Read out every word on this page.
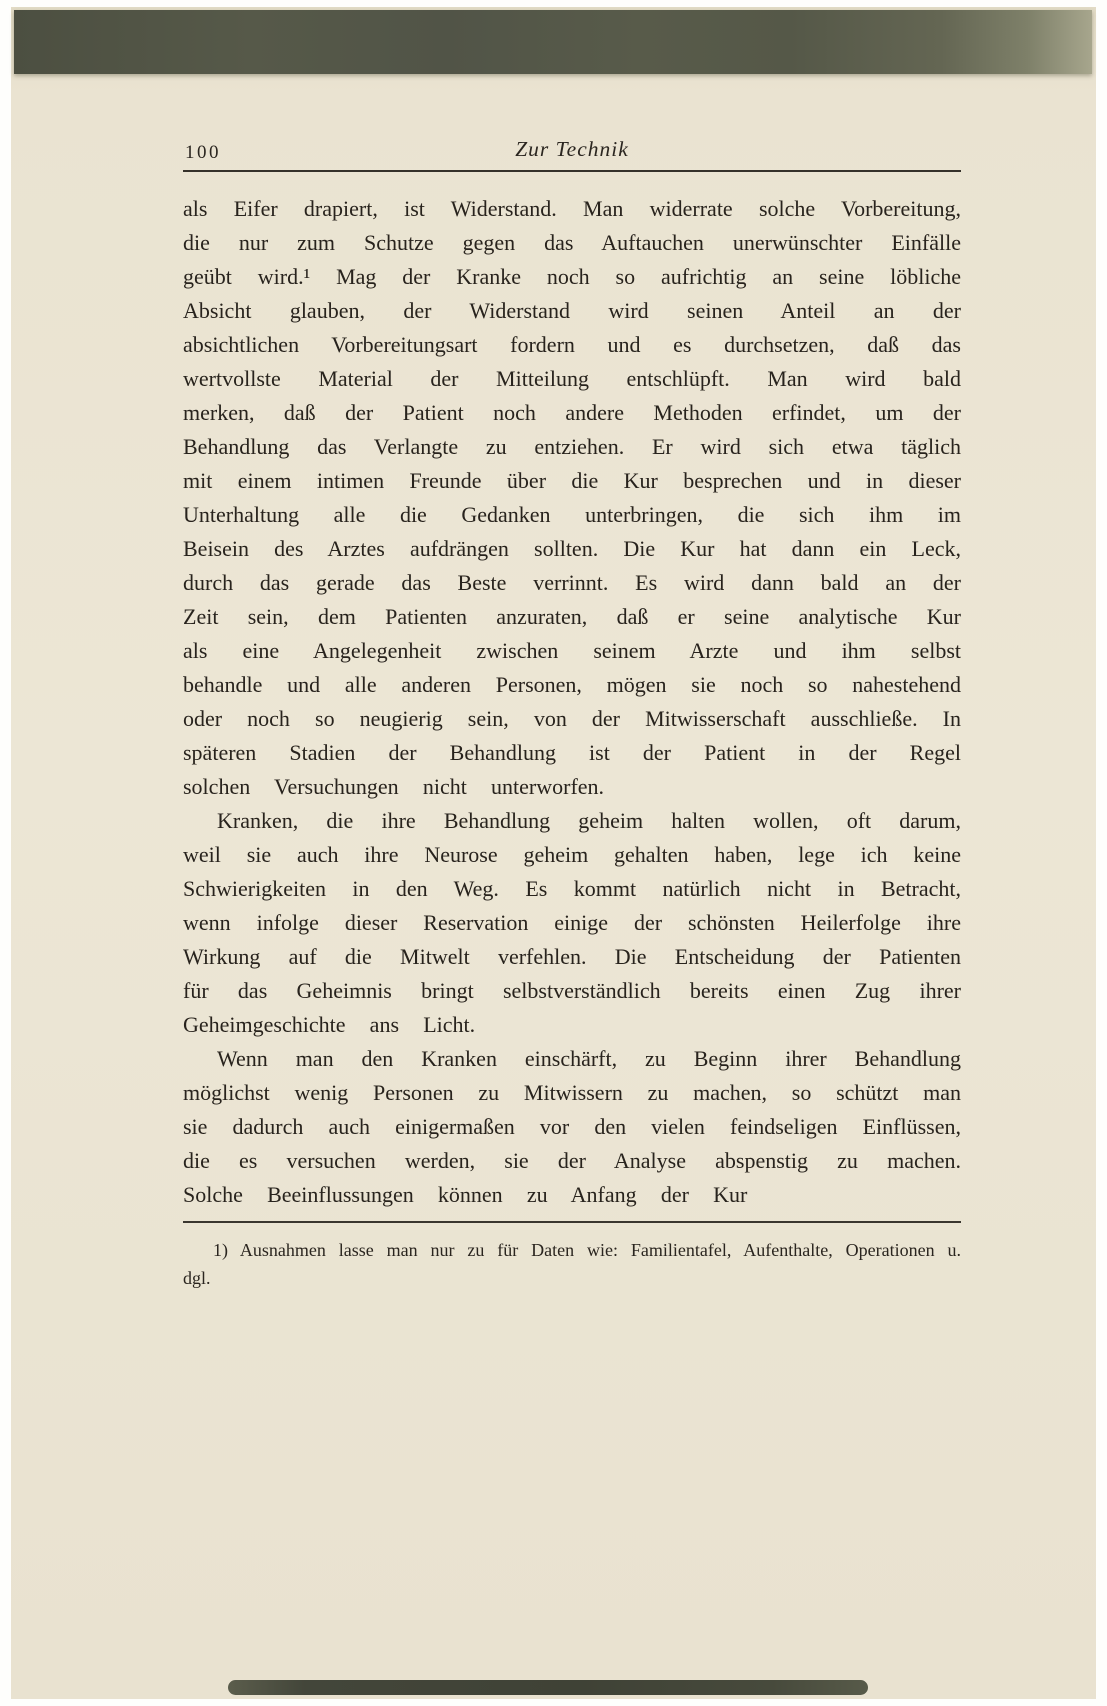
100	Zur Technik

als Eifer drapiert, ist Widerstand. Man widerrate solche Vorbereitung, die nur zum Schutze gegen das Auftauchen unerwünschter Einfälle geübt wird.¹ Mag der Kranke noch so aufrichtig an seine löbliche Absicht glauben, der Widerstand wird seinen Anteil an der absichtlichen Vorbereitungsart fordern und es durchsetzen, daß das wertvollste Material der Mitteilung entschlüpft. Man wird bald merken, daß der Patient noch andere Methoden erfindet, um der Behandlung das Verlangte zu entziehen. Er wird sich etwa täglich mit einem intimen Freunde über die Kur besprechen und in dieser Unterhaltung alle die Gedanken unterbringen, die sich ihm im Beisein des Arztes aufdrängen sollten. Die Kur hat dann ein Leck, durch das gerade das Beste verrinnt. Es wird dann bald an der Zeit sein, dem Patienten anzuraten, daß er seine analytische Kur als eine Angelegenheit zwischen seinem Arzte und ihm selbst behandle und alle anderen Personen, mögen sie noch so nahestehend oder noch so neugierig sein, von der Mitwisserschaft ausschließe. In späteren Stadien der Behandlung ist der Patient in der Regel solchen Versuchungen nicht unterworfen.

Kranken, die ihre Behandlung geheim halten wollen, oft darum, weil sie auch ihre Neurose geheim gehalten haben, lege ich keine Schwierigkeiten in den Weg. Es kommt natürlich nicht in Betracht, wenn infolge dieser Reservation einige der schönsten Heilerfolge ihre Wirkung auf die Mitwelt verfehlen. Die Entscheidung der Patienten für das Geheimnis bringt selbstverständlich bereits einen Zug ihrer Geheimgeschichte ans Licht.

Wenn man den Kranken einschärft, zu Beginn ihrer Behandlung möglichst wenig Personen zu Mitwissern zu machen, so schützt man sie dadurch auch einigermaßen vor den vielen feindseligen Einflüssen, die es versuchen werden, sie der Analyse abspenstig zu machen. Solche Beeinflussungen können zu Anfang der Kur

1) Ausnahmen lasse man nur zu für Daten wie: Familientafel, Aufenthalte, Operationen u. dgl.
